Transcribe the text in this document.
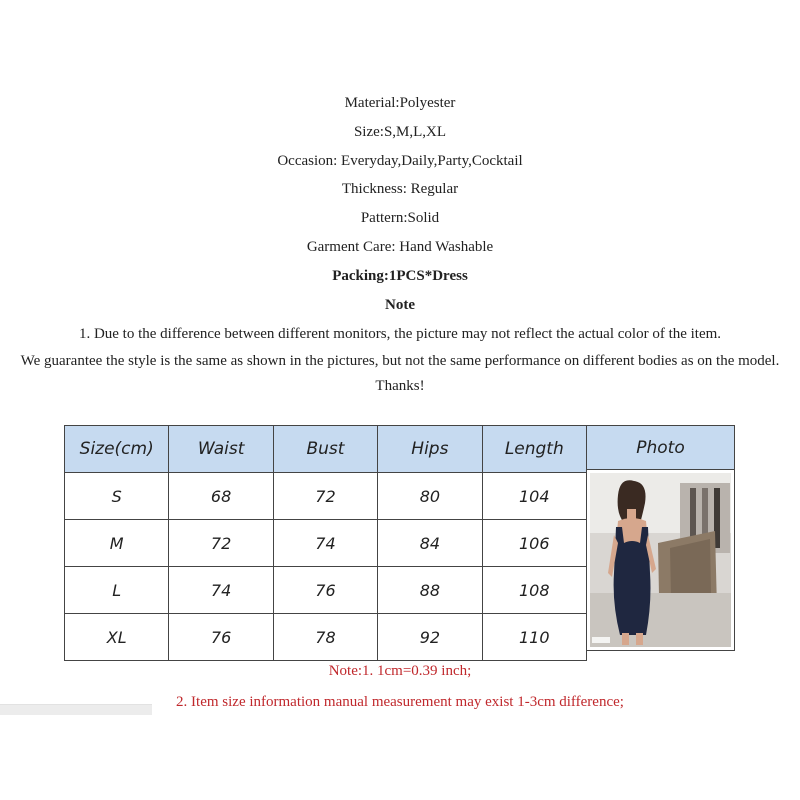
Material:Polyester
Size:S,M,L,XL
Occasion: Everyday,Daily,Party,Cocktail
Thickness: Regular
Pattern:Solid
Garment Care: Hand Washable
Packing:1PCS*Dress
Note
1. Due to the difference between different monitors, the picture may not reflect the actual color of the item.
We guarantee the style is the same as shown in the pictures, but not the same performance on different bodies as on the model. Thanks!
Size(cm)	Waist	Bust	Hips	Length
S	68	72	80	104
M	72	74	84	106
L	74	76	88	108
XL	76	78	92	110
Photo
Note:1. 1cm=0.39 inch;
2. Item size information manual measurement may exist 1-3cm difference;
